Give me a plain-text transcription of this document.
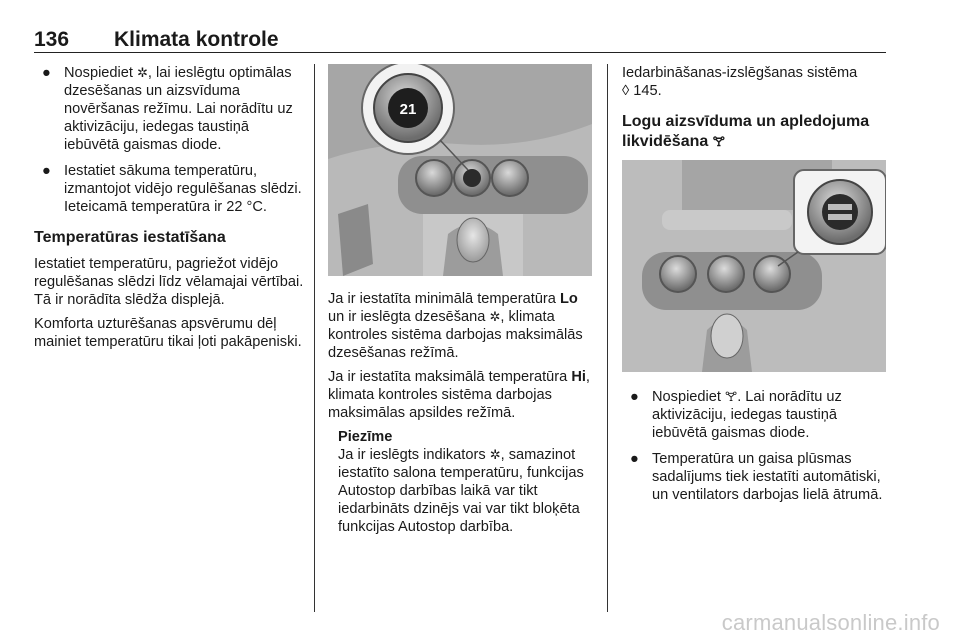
136	Klimata kontrole
● Nospiediet ✲, lai ieslēgtu optimālas dzesēšanas un aizsvīduma novēršanas režīmu. Lai norādītu uz aktivizāciju, iedegas taustiņā iebūvētā gaismas diode.
● Iestatiet sākuma temperatūru, izmantojot vidējo regulēšanas slēdzi. Ieteicamā temperatūra ir 22 °C.
Temperatūras iestatīšana

Iestatiet temperatūru, pagriežot vidējo regulēšanas slēdzi līdz vēlamajai vērtībai. Tā ir norādīta slēdža displejā.

Komforta uzturēšanas apsvērumu dēļ mainiet temperatūru tikai ļoti pakāpeniski.

21

Ja ir iestatīta minimālā temperatūra Lo un ir ieslēgta dzesēšana ✲, klimata kontroles sistēma darbojas maksimālās dzesēšanas režīmā.

Ja ir iestatīta maksimālā temperatūra Hi, klimata kontroles sistēma darbojas maksimālas apsildes režīmā.

Piezīme
Ja ir ieslēgts indikators ✲, samazinot iestatīto salona temperatūru, funkcijas Autostop darbības laikā var tikt iedarbināts dzinējs vai var tikt bloķēta funkcijas Autostop darbība.

Iedarbināšanas-izslēgšanas sistēma
◊ 145.

Logu aizsvīduma un apledojuma likvidēšana 🝖
● Nospiediet 🝖. Lai norādītu uz aktivizāciju, iedegas taustiņā iebūvētā gaismas diode.
● Temperatūra un gaisa plūsmas sadalījums tiek iestatīti automātiski, un ventilators darbojas lielā ātrumā.
carmanualsonline.info
